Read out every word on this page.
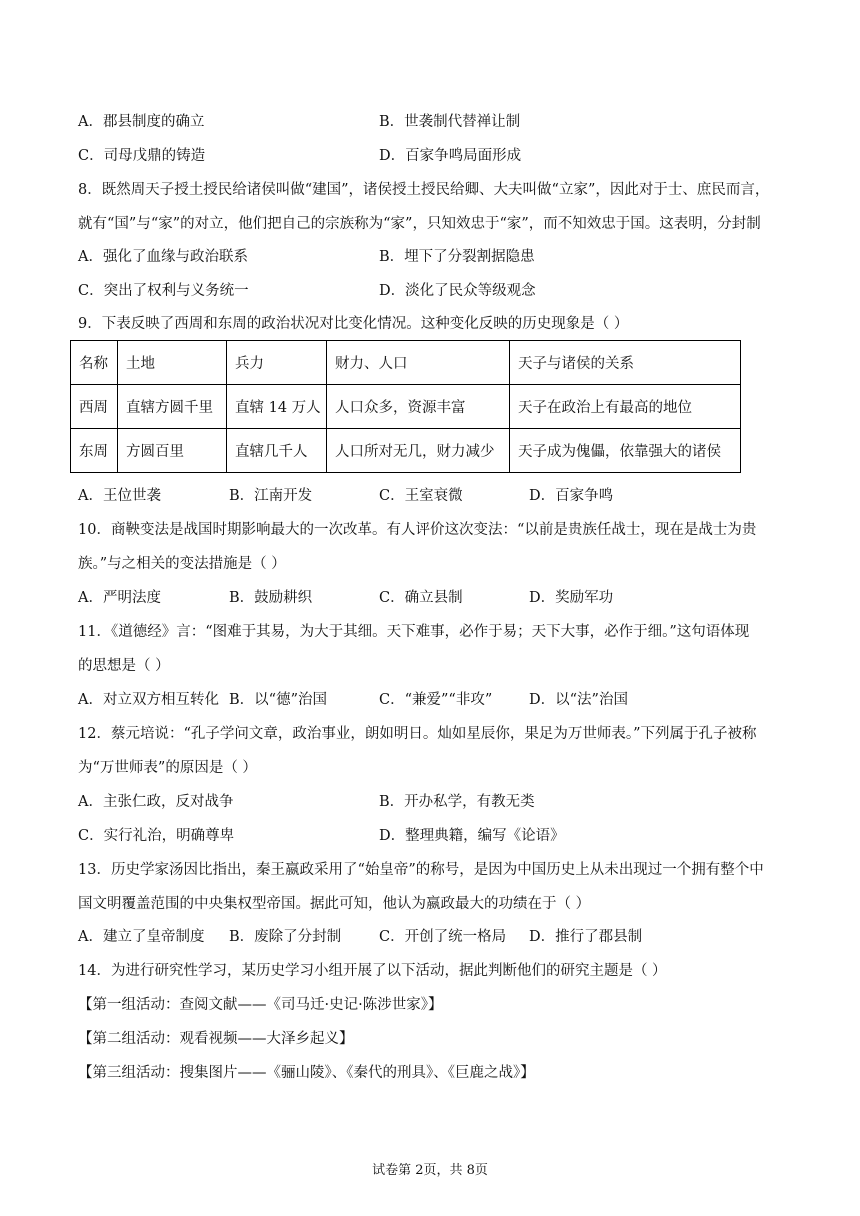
A．郡县制度的确立	B．世袭制代替禅让制
C．司母戊鼎的铸造	D．百家争鸣局面形成
8．既然周天子授土授民给诸侯叫做“建国”，诸侯授土授民给卿、大夫叫做“立家”，因此对于士、庶民而言，
就有“国”与“家”的对立，他们把自己的宗族称为“家”，只知效忠于“家”，而不知效忠于国。这表明，分封制
A．强化了血缘与政治联系	B．埋下了分裂割据隐患
C．突出了权利与义务统一	D．淡化了民众等级观念
9．下表反映了西周和东周的政治状况对比变化情况。这种变化反映的历史现象是（ ）
名称	土地	兵力	财力、人口	天子与诸侯的关系
西周	直辖方圆千里	直辖 14 万人	人口众多，资源丰富	天子在政治上有最高的地位
东周	方圆百里	直辖几千人	人口所对无几，财力减少	天子成为傀儡，依靠强大的诸侯
A．王位世袭	B．江南开发	C．王室衰微	D．百家争鸣
10．商鞅变法是战国时期影响最大的一次改革。有人评价这次变法：“以前是贵族任战士，现在是战士为贵
族。”与之相关的变法措施是（ ）
A．严明法度	B．鼓励耕织	C．确立县制	D．奖励军功
11．《道德经》言：“图难于其易，为大于其细。天下难事，必作于易；天下大事，必作于细。”这句语体现
的思想是（ ）
A．对立双方相互转化 B．以“德”治国	C．“兼爱”“非攻”	D．以“法”治国
12．蔡元培说：“孔子学问文章，政治事业，朗如明日。灿如星辰你，果足为万世师表。”下列属于孔子被称
为“万世师表”的原因是（ ）
A．主张仁政，反对战争	B．开办私学，有教无类
C．实行礼治，明确尊卑	D．整理典籍，编写《论语》
13．历史学家汤因比指出，秦王嬴政采用了“始皇帝”的称号，是因为中国历史上从未出现过一个拥有整个中
国文明覆盖范围的中央集权型帝国。据此可知，他认为嬴政最大的功绩在于（ ）
A．建立了皇帝制度 B．废除了分封制	C．开创了统一格局 D．推行了郡县制
14．为进行研究性学习，某历史学习小组开展了以下活动，据此判断他们的研究主题是（ ）
【第一组活动：查阅文献——《司马迁·史记·陈涉世家》】
【第二组活动：观看视频——大泽乡起义】
【第三组活动：搜集图片——《骊山陵》、《秦代的刑具》、《巨鹿之战》】
试卷第 2页，共 8页
